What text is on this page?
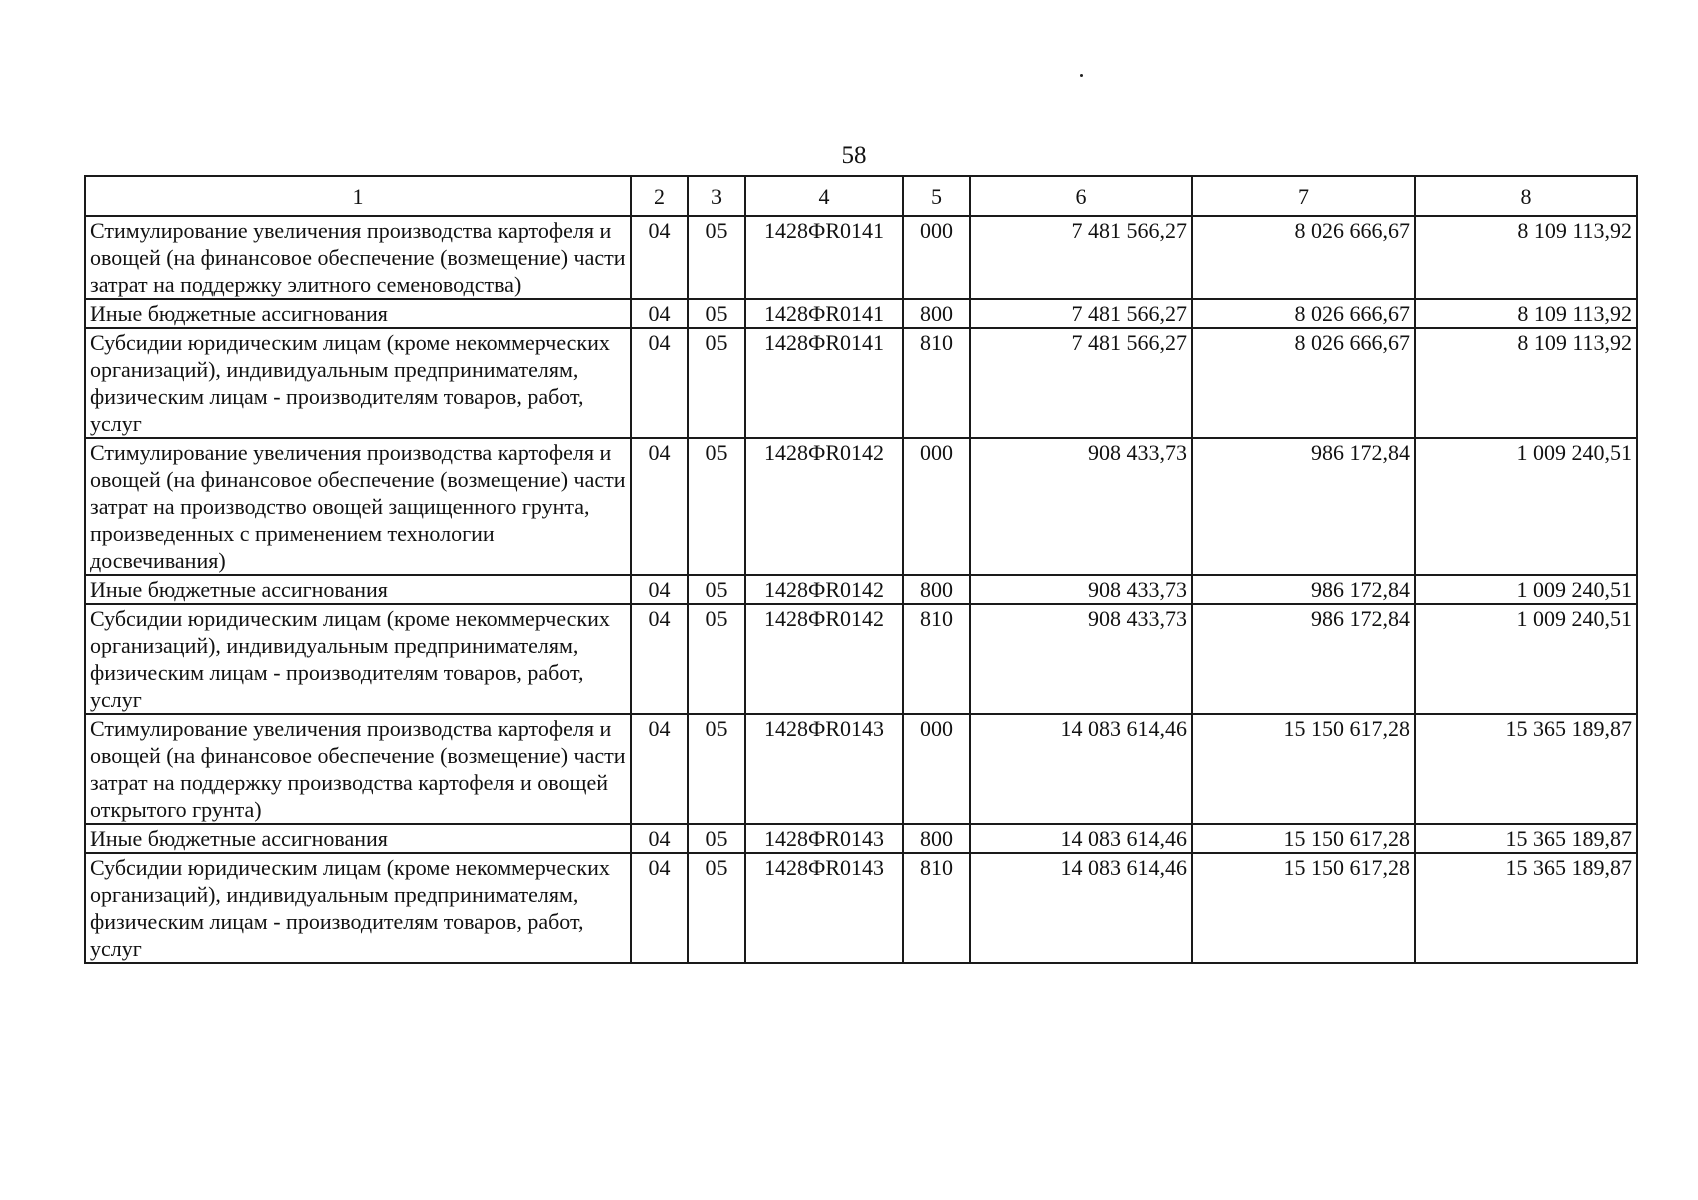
58
1	2	3	4	5	6	7	8
Стимулирование увеличения производства картофеля и овощей (на финансовое обеспечение (возмещение) части затрат на поддержку элитного семеноводства)	04	05	1428ФR0141	000	7 481 566,27	8 026 666,67	8 109 113,92
Иные бюджетные ассигнования	04	05	1428ФR0141	800	7 481 566,27	8 026 666,67	8 109 113,92
Субсидии юридическим лицам (кроме некоммерческих организаций), индивидуальным предпринимателям, физическим лицам - производителям товаров, работ, услуг	04	05	1428ФR0141	810	7 481 566,27	8 026 666,67	8 109 113,92
Стимулирование увеличения производства картофеля и овощей (на финансовое обеспечение (возмещение) части затрат на производство овощей защищенного грунта, произведенных с применением технологии досвечивания)	04	05	1428ФR0142	000	908 433,73	986 172,84	1 009 240,51
Иные бюджетные ассигнования	04	05	1428ФR0142	800	908 433,73	986 172,84	1 009 240,51
Субсидии юридическим лицам (кроме некоммерческих организаций), индивидуальным предпринимателям, физическим лицам - производителям товаров, работ, услуг	04	05	1428ФR0142	810	908 433,73	986 172,84	1 009 240,51
Стимулирование увеличения производства картофеля и овощей (на финансовое обеспечение (возмещение) части затрат на поддержку производства картофеля и овощей открытого грунта)	04	05	1428ФR0143	000	14 083 614,46	15 150 617,28	15 365 189,87
Иные бюджетные ассигнования	04	05	1428ФR0143	800	14 083 614,46	15 150 617,28	15 365 189,87
Субсидии юридическим лицам (кроме некоммерческих организаций), индивидуальным предпринимателям, физическим лицам - производителям товаров, работ, услуг	04	05	1428ФR0143	810	14 083 614,46	15 150 617,28	15 365 189,87
